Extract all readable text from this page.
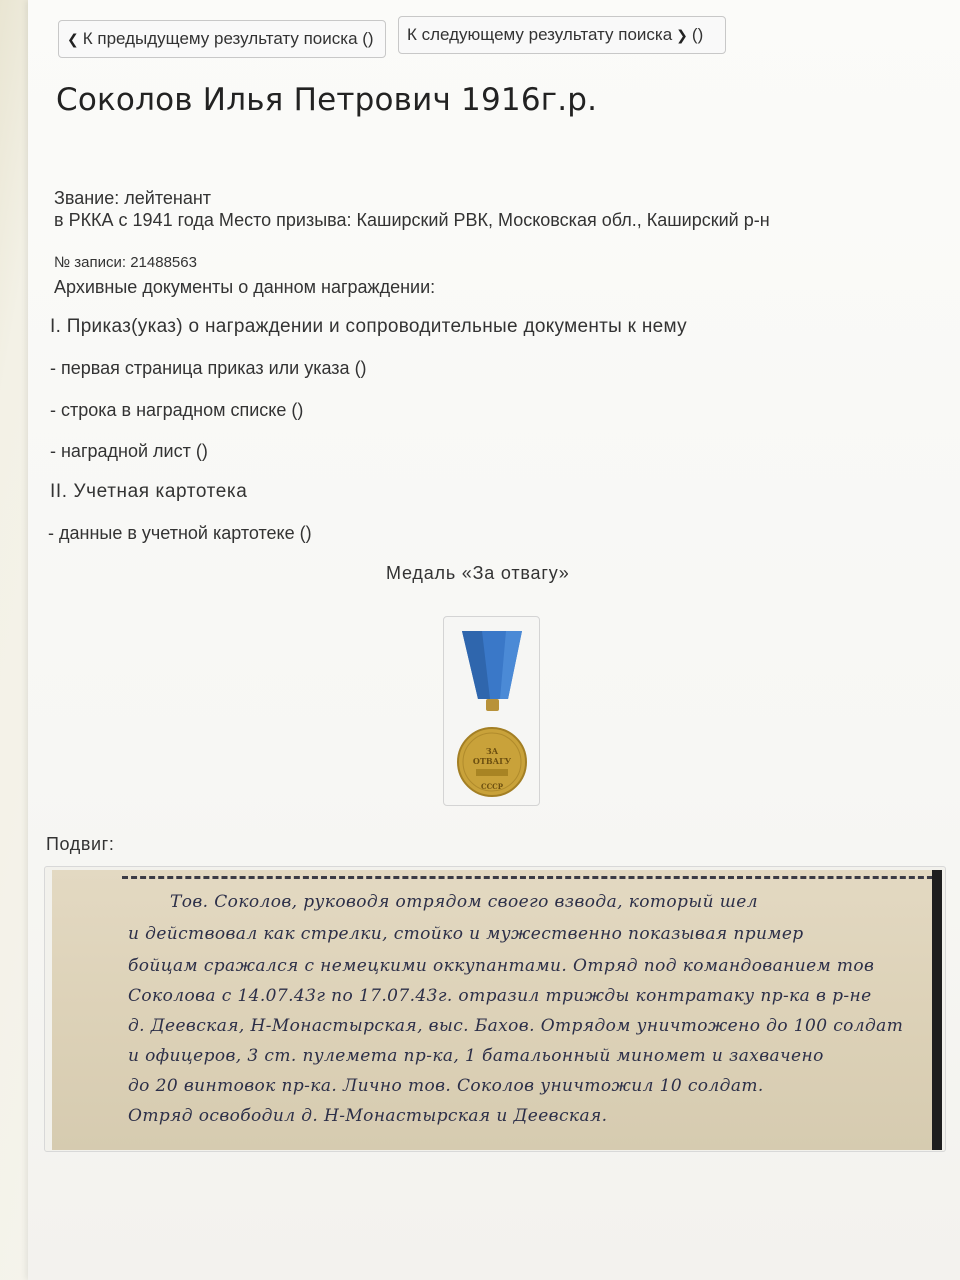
❮ К предыдущему результату поиска () К следующему результату поиска ❯ ()
Соколов Илья Петрович 1916г.р.
Звание: лейтенант
в РККА с 1941 года Место призыва: Каширский РВК, Московская обл., Каширский р-н
№ записи: 21488563
Архивные документы о данном награждении:
I. Приказ(указ) о награждении и сопроводительные документы к нему
- первая страница приказ или указа ()
- строка в наградном списке ()
- наградной лист ()
II. Учетная картотека
- данные в учетной картотеке ()
Медаль «За отвагу»
ЗА
ОТВАГУ
СССР
Подвиг:
Тов. Соколов, руководя отрядом своего взвода, который шел
и действовал как стрелки, стойко и мужественно показывая пример
бойцам сражался с немецкими оккупантами. Отряд под командованием тов
Соколова с 14.07.43г по 17.07.43г. отразил трижды контратаку пр-ка в р-не
д. Деевская, Н-Монастырская, выс. Бахов. Отрядом уничтожено до 100 солдат
и офицеров, 3 ст. пулемета пр-ка, 1 батальонный миномет и захвачено
до 20 винтовок пр-ка. Лично тов. Соколов уничтожил 10 солдат.
Отряд освободил д. Н-Монастырская и Деевская.
